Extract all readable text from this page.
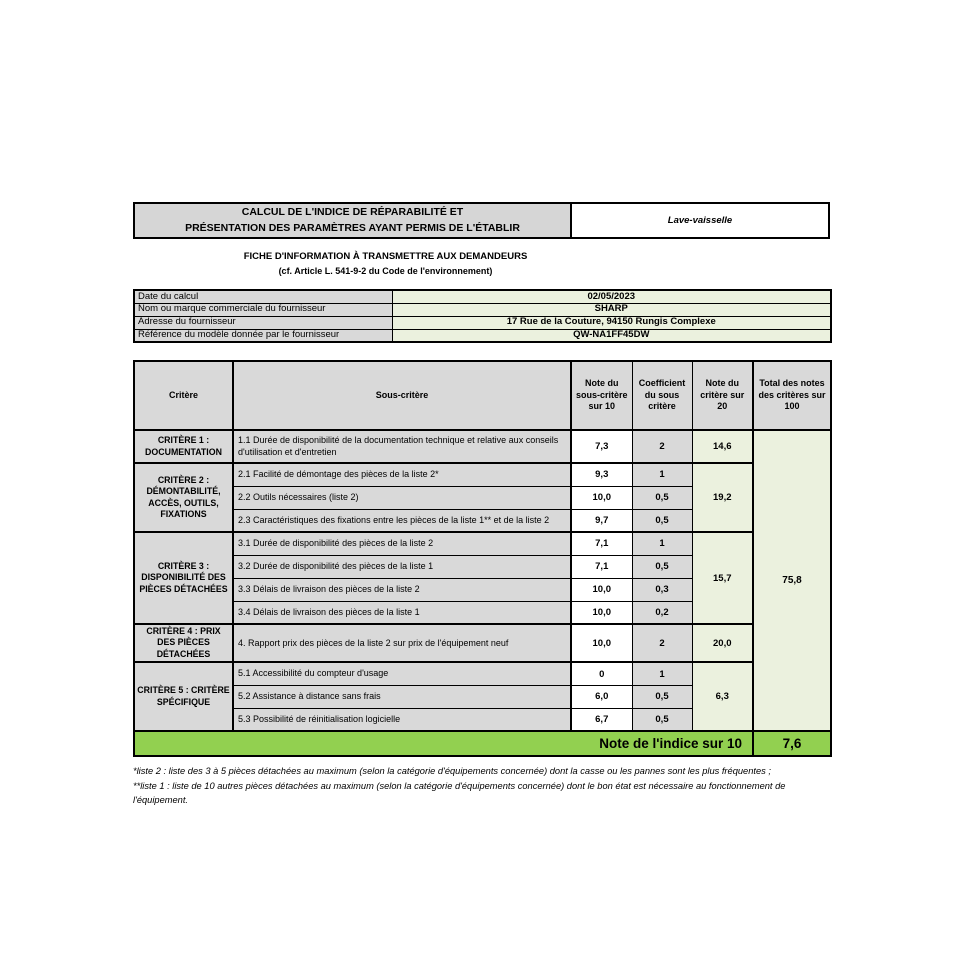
CALCUL DE L'INDICE DE RÉPARABILITÉ ET
PRÉSENTATION DES PARAMÈTRES AYANT PERMIS DE L'ÉTABLIR
Lave-vaisselle
FICHE D'INFORMATION À TRANSMETTRE AUX DEMANDEURS
(cf. Article L. 541-9-2 du Code de l'environnement)
Date du calcul	02/05/2023
Nom ou marque commerciale du fournisseur	SHARP
Adresse du fournisseur	17 Rue de la Couture, 94150 Rungis Complexe
Référence du modèle donnée par le fournisseur	QW-NA1FF45DW
Critère	Sous-critère	Note du sous-critère sur 10	Coefficient du sous critère	Note du critère sur 20	Total des notes des critères sur 100
CRITÈRE 1 : DOCUMENTATION	1.1 Durée de disponibilité de la documentation technique et relative aux conseils d'utilisation et d'entretien	7,3	2	14,6	75,8
CRITÈRE 2 : DÉMONTABILITÉ, ACCÈS, OUTILS, FIXATIONS	2.1 Facilité de démontage des pièces de la liste 2*	9,3	1	19,2	
	2.2 Outils nécessaires (liste 2)	10,0	0,5		
	2.3 Caractéristiques des fixations entre les pièces de la liste 1** et de la liste 2	9,7	0,5		
CRITÈRE 3 : DISPONIBILITÉ DES PIÈCES DÉTACHÉES	3.1 Durée de disponibilité des pièces de la liste 2	7,1	1	15,7	
	3.2 Durée de disponibilité des pièces de la liste 1	7,1	0,5		
	3.3 Délais de livraison des pièces de la liste 2	10,0	0,3		
	3.4 Délais de livraison des pièces de la liste 1	10,0	0,2		
CRITÈRE 4 : PRIX DES PIÈCES DÉTACHÉES	4. Rapport prix des pièces de la liste 2 sur prix de l'équipement neuf	10,0	2	20,0	
CRITÈRE 5 : CRITÈRE SPÉCIFIQUE	5.1 Accessibilité du compteur d'usage	0	1	6,3	
	5.2 Assistance à distance sans frais	6,0	0,5		
	5.3 Possibilité de réinitialisation logicielle	6,7	0,5		
Note de l'indice sur 10					7,6
*liste 2 : liste des 3 à 5 pièces détachées au maximum (selon la catégorie d'équipements concernée) dont la casse ou les pannes sont les plus fréquentes ;
**liste 1 : liste de 10 autres pièces détachées au maximum (selon la catégorie d'équipements concernée) dont le bon état est nécessaire au fonctionnement de l'équipement.
